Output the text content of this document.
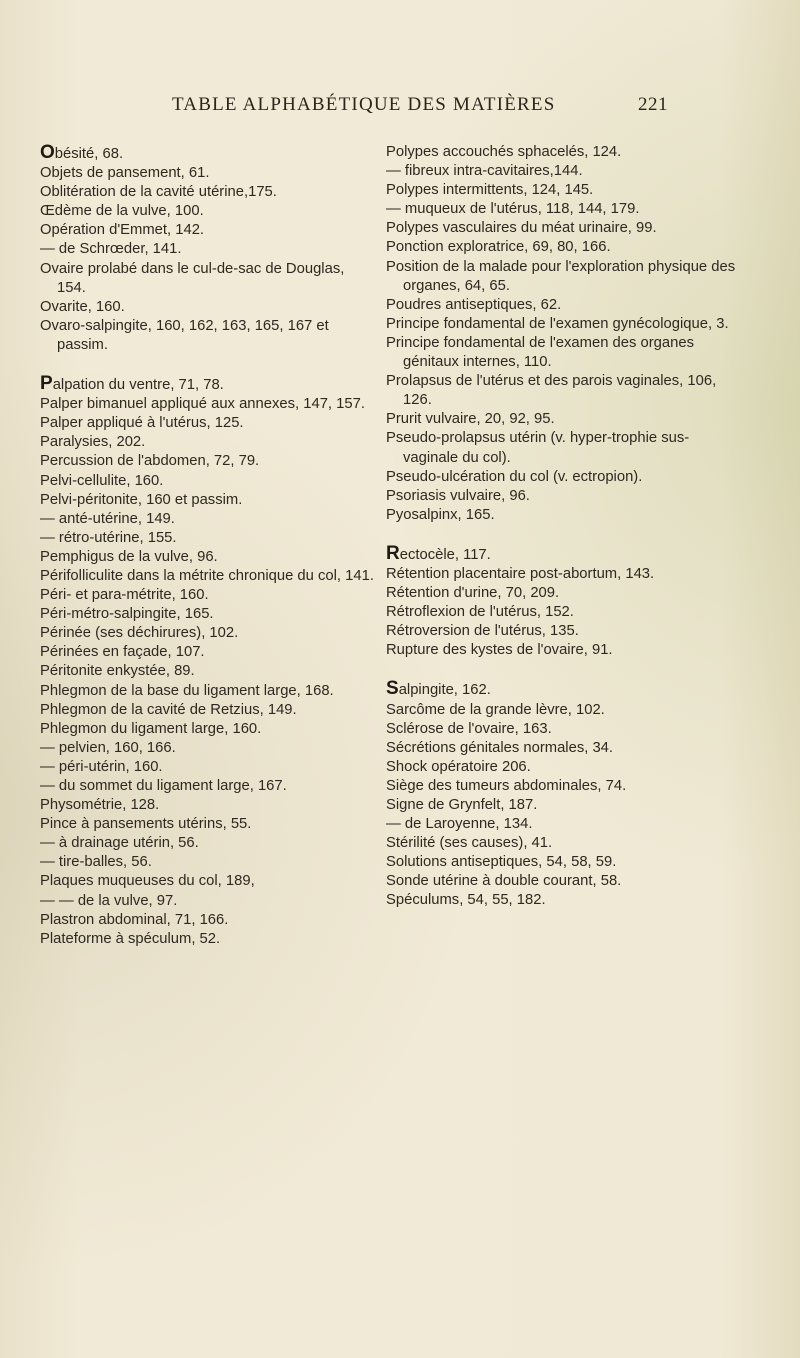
TABLE ALPHABÉTIQUE DES MATIÈRES	221

Obésité, 68.

Objets de pansement, 61.

Oblitération de la cavité utérine,175.

Œdème de la vulve, 100.

Opération d'Emmet, 142.

— de Schrœder, 141.

Ovaire prolabé dans le cul-de-sac de Douglas, 154.

Ovarite, 160.

Ovaro-salpingite, 160, 162, 163, 165, 167 et passim.

Palpation du ventre, 71, 78.

Palper bimanuel appliqué aux annexes, 147, 157.

Palper appliqué à l'utérus, 125.

Paralysies, 202.

Percussion de l'abdomen, 72, 79.

Pelvi-cellulite, 160.

Pelvi-péritonite, 160 et passim.

— anté-utérine, 149.

— rétro-utérine, 155.

Pemphigus de la vulve, 96.

Périfolliculite dans la métrite chronique du col, 141.

Péri- et para-métrite, 160.

Péri-métro-salpingite, 165.

Périnée (ses déchirures), 102.

Périnées en façade, 107.

Péritonite enkystée, 89.

Phlegmon de la base du ligament large, 168.

Phlegmon de la cavité de Retzius, 149.

Phlegmon du ligament large, 160.

— pelvien, 160, 166.

— péri-utérin, 160.

— du sommet du ligament large, 167.

Physométrie, 128.

Pince à pansements utérins, 55.

— à drainage utérin, 56.

— tire-balles, 56.

Plaques muqueuses du col, 189,

— — de la vulve, 97.

Plastron abdominal, 71, 166.

Plateforme à spéculum, 52.

Polypes accouchés sphacelés, 124.

— fibreux intra-cavitaires,144.

Polypes intermittents, 124, 145.

— muqueux de l'utérus, 118, 144, 179.

Polypes vasculaires du méat urinaire, 99.

Ponction exploratrice, 69, 80, 166.

Position de la malade pour l'exploration physique des organes, 64, 65.

Poudres antiseptiques, 62.

Principe fondamental de l'examen gynécologique, 3.

Principe fondamental de l'examen des organes génitaux internes, 110.

Prolapsus de l'utérus et des parois vaginales, 106, 126.

Prurit vulvaire, 20, 92, 95.

Pseudo-prolapsus utérin (v. hyper-trophie sus-vaginale du col).

Pseudo-ulcération du col (v. ectropion).

Psoriasis vulvaire, 96.

Pyosalpinx, 165.

Rectocèle, 117.

Rétention placentaire post-abortum, 143.

Rétention d'urine, 70, 209.

Rétroflexion de l'utérus, 152.

Rétroversion de l'utérus, 135.

Rupture des kystes de l'ovaire, 91.

Salpingite, 162.

Sarcôme de la grande lèvre, 102.

Sclérose de l'ovaire, 163.

Sécrétions génitales normales, 34.

Shock opératoire 206.

Siège des tumeurs abdominales, 74.

Signe de Grynfelt, 187.

— de Laroyenne, 134.

Stérilité (ses causes), 41.

Solutions antiseptiques, 54, 58, 59.

Sonde utérine à double courant, 58.

Spéculums, 54, 55, 182.
